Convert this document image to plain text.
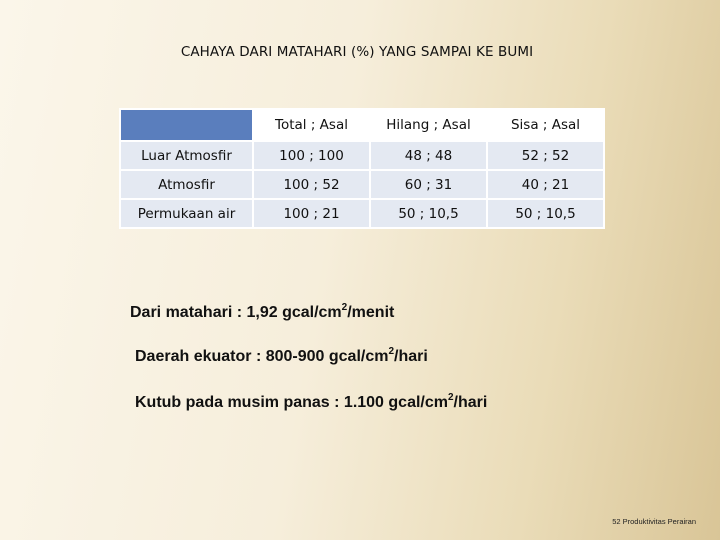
CAHAYA DARI MATAHARI (%) YANG SAMPAI KE BUMI
	Total ; Asal	Hilang ; Asal	Sisa ; Asal
Luar Atmosfir	100 ; 100	48 ; 48	52 ; 52
Atmosfir	100 ; 52	60 ; 31	40 ; 21
Permukaan air	100 ; 21	50 ; 10,5	50 ; 10,5
Dari matahari : 1,92 gcal/$cm^2$/menit
Daerah ekuator : 800-900 gcal/$cm^2$/hari
Kutub pada musim panas : 1.100 gcal/$cm^2$/hari
52 Produktivitas Perairan
